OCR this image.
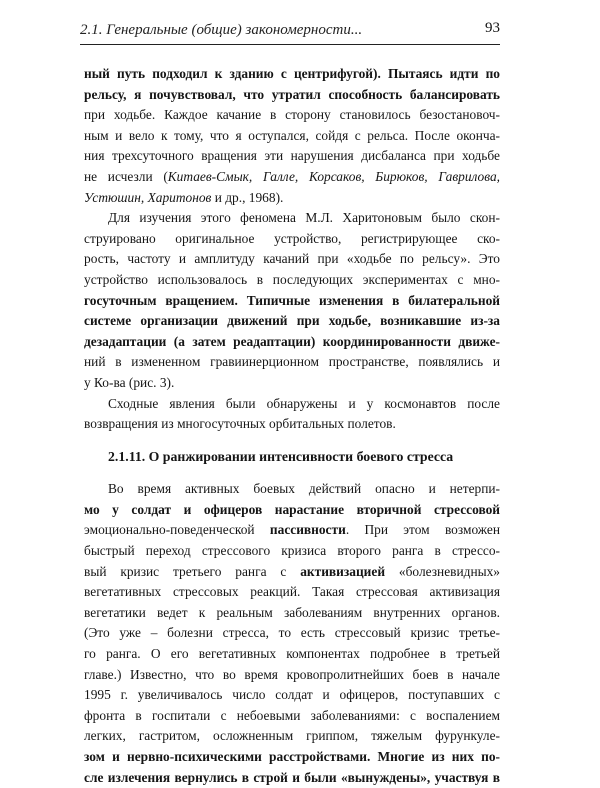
2.1. Генеральные (общие) закономерности...	93
ный путь подходил к зданию с центрифугой). Пытаясь идти по
рельсу, я почувствовал, что утратил способность балансировать
при ходьбе. Каждое качание в сторону становилось безостановоч-
ным и вело к тому, что я оступался, сойдя с рельса. После оконча-
ния трехсуточного вращения эти нарушения дисбаланса при ходьбе
не исчезли (Китаев-Смык, Галле, Корсаков, Бирюков, Гаврилова,
Устюшин, Харитонов и др., 1968).
Для изучения этого феномена М.Л. Харитоновым было скон-
струировано оригинальное устройство, регистрирующее ско-
рость, частоту и амплитуду качаний при «ходьбе по рельсу». Это
устройство использовалось в последующих экспериментах с мно-
госуточным вращением. Типичные изменения в билатеральной
системе организации движений при ходьбе, возникавшие из-за
дезадаптации (а затем реадаптации) координированности движе-
ний в измененном гравиинерционном пространстве, появлялись и
у Ко-ва (рис. 3).
Сходные явления были обнаружены и у космонавтов после
возвращения из многосуточных орбитальных полетов.
2.1.11. О ранжировании интенсивности боевого стресса
Во время активных боевых действий опасно и нетерпи-
мо у солдат и офицеров нарастание вторичной стрессовой
эмоционально-поведенческой пассивности. При этом возможен
быстрый переход стрессового кризиса второго ранга в стрессо-
вый кризис третьего ранга с активизацией «болезневидных»
вегетативных стрессовых реакций. Такая стрессовая активизация
вегетатики ведет к реальным заболеваниям внутренних органов.
(Это уже – болезни стресса, то есть стрессовый кризис третье-
го ранга. О его вегетативных компонентах подробнее в третьей
главе.) Известно, что во время кровопролитнейших боев в начале
1995 г. увеличивалось число солдат и офицеров, поступавших с
фронта в госпитали с небоевыми заболеваниями: с воспалением
легких, гастритом, осложненным гриппом, тяжелым фурункуле-
зом и нервно-психическими расстройствами. Многие из них по-
сле излечения вернулись в строй и были «вынуждены», участвуя в
